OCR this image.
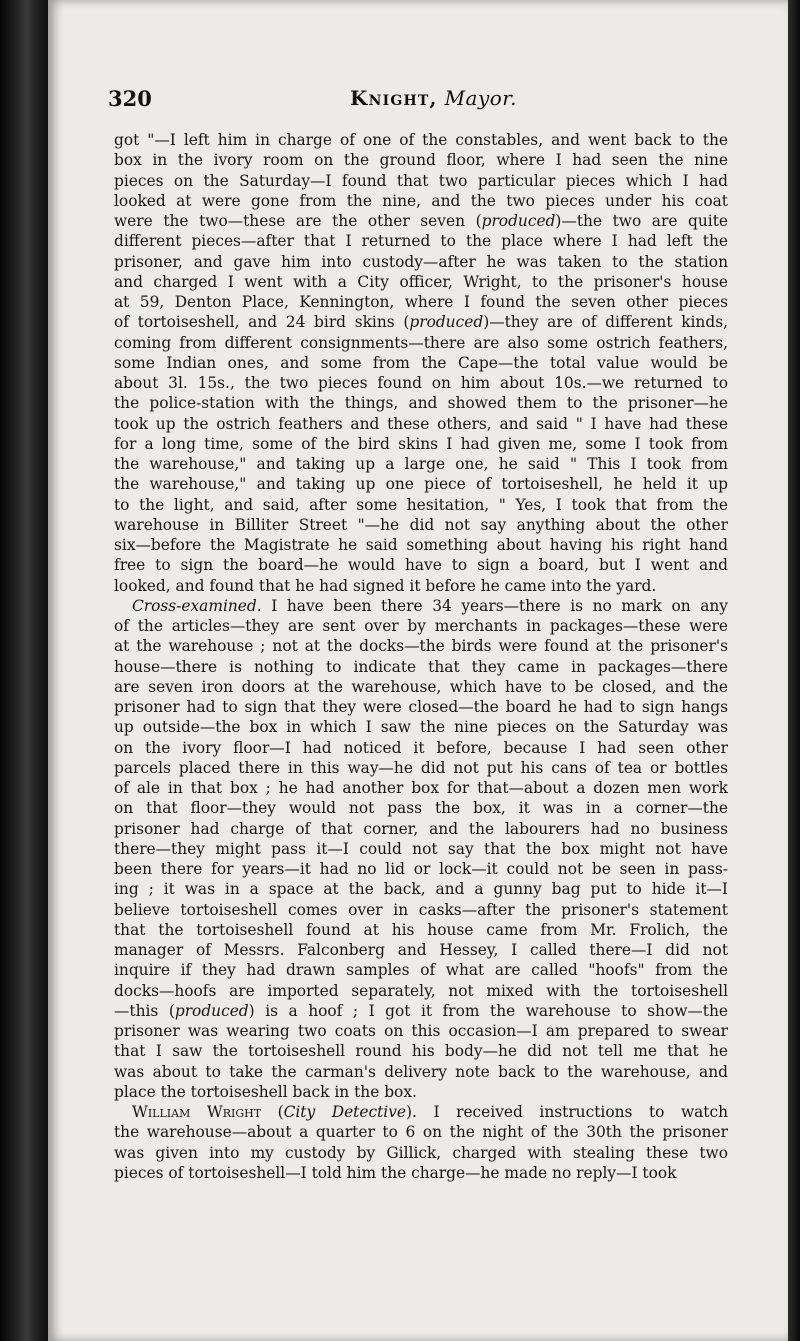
320	Knight, Mayor.
got "—I left him in charge of one of the constables, and went back to the
box in the ivory room on the ground floor, where I had seen the nine
pieces on the Saturday—I found that two particular pieces which I had
looked at were gone from the nine, and the two pieces under his coat
were the two—these are the other seven (produced)—the two are quite
different pieces—after that I returned to the place where I had left the
prisoner, and gave him into custody—after he was taken to the station
and charged I went with a City officer, Wright, to the prisoner's house
at 59, Denton Place, Kennington, where I found the seven other pieces
of tortoiseshell, and 24 bird skins (produced)—they are of different kinds,
coming from different consignments—there are also some ostrich feathers,
some Indian ones, and some from the Cape—the total value would be
about 3l. 15s., the two pieces found on him about 10s.—we returned to
the police-station with the things, and showed them to the prisoner—he
took up the ostrich feathers and these others, and said " I have had these
for a long time, some of the bird skins I had given me, some I took from
the warehouse," and taking up a large one, he said " This I took from
the warehouse," and taking up one piece of tortoiseshell, he held it up
to the light, and said, after some hesitation, " Yes, I took that from the
warehouse in Billiter Street "—he did not say anything about the other
six—before the Magistrate he said something about having his right hand
free to sign the board—he would have to sign a board, but I went and
looked, and found that he had signed it before he came into the yard.
Cross-examined. I have been there 34 years—there is no mark on any
of the articles—they are sent over by merchants in packages—these were
at the warehouse ; not at the docks—the birds were found at the prisoner's
house—there is nothing to indicate that they came in packages—there
are seven iron doors at the warehouse, which have to be closed, and the
prisoner had to sign that they were closed—the board he had to sign hangs
up outside—the box in which I saw the nine pieces on the Saturday was
on the ivory floor—I had noticed it before, because I had seen other
parcels placed there in this way—he did not put his cans of tea or bottles
of ale in that box ; he had another box for that—about a dozen men work
on that floor—they would not pass the box, it was in a corner—the
prisoner had charge of that corner, and the labourers had no business
there—they might pass it—I could not say that the box might not have
been there for years—it had no lid or lock—it could not be seen in pass-
ing ; it was in a space at the back, and a gunny bag put to hide it—I
believe tortoiseshell comes over in casks—after the prisoner's statement
that the tortoiseshell found at his house came from Mr. Frolich, the
manager of Messrs. Falconberg and Hessey, I called there—I did not
inquire if they had drawn samples of what are called "hoofs" from the
docks—hoofs are imported separately, not mixed with the tortoiseshell
—this (produced) is a hoof ; I got it from the warehouse to show—the
prisoner was wearing two coats on this occasion—I am prepared to swear
that I saw the tortoiseshell round his body—he did not tell me that he
was about to take the carman's delivery note back to the warehouse, and
place the tortoiseshell back in the box.
William Wright (City Detective). I received instructions to watch
the warehouse—about a quarter to 6 on the night of the 30th the prisoner
was given into my custody by Gillick, charged with stealing these two
pieces of tortoiseshell—I told him the charge—he made no reply—I took
